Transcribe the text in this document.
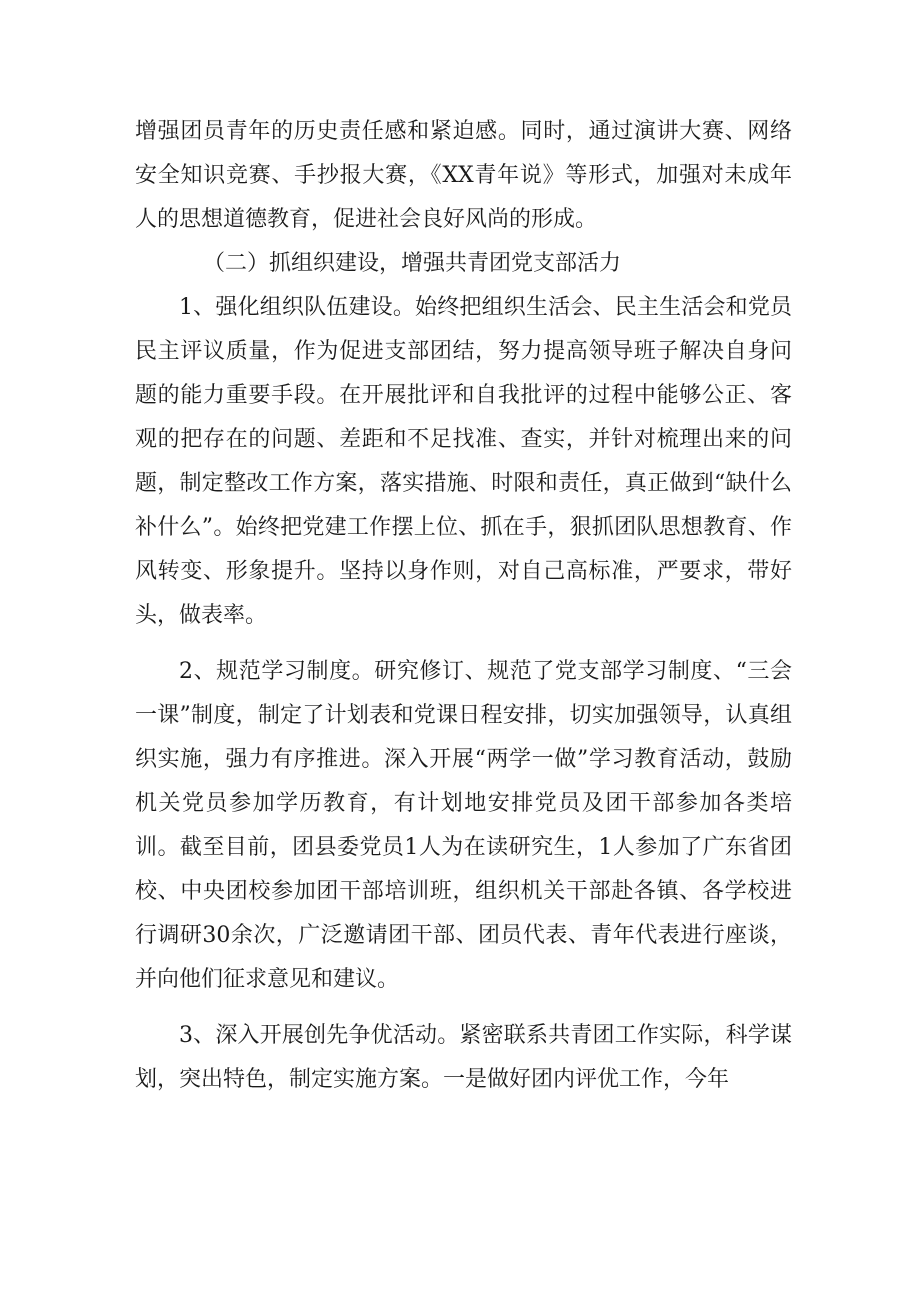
增强团员青年的历史责任感和紧迫感。同时，通过演讲大赛、网络安全知识竞赛、手抄报大赛，《XX青年说》等形式，加强对未成年人的思想道德教育，促进社会良好风尚的形成。

（二）抓组织建设，增强共青团党支部活力

1、强化组织队伍建设。始终把组织生活会、民主生活会和党员民主评议质量，作为促进支部团结，努力提高领导班子解决自身问题的能力重要手段。在开展批评和自我批评的过程中能够公正、客观的把存在的问题、差距和不足找准、查实，并针对梳理出来的问题，制定整改工作方案，落实措施、时限和责任，真正做到“缺什么补什么”。始终把党建工作摆上位、抓在手，狠抓团队思想教育、作风转变、形象提升。坚持以身作则，对自己高标准，严要求，带好头，做表率。

2、规范学习制度。研究修订、规范了党支部学习制度、“三会一课”制度，制定了计划表和党课日程安排，切实加强领导，认真组织实施，强力有序推进。深入开展“两学一做”学习教育活动，鼓励机关党员参加学历教育，有计划地安排党员及团干部参加各类培训。截至目前，团县委党员1人为在读研究生，1人参加了广东省团校、中央团校参加团干部培训班，组织机关干部赴各镇、各学校进行调研30余次，广泛邀请团干部、团员代表、青年代表进行座谈，并向他们征求意见和建议。

3、深入开展创先争优活动。紧密联系共青团工作实际，科学谋划，突出特色，制定实施方案。一是做好团内评优工作，今年
